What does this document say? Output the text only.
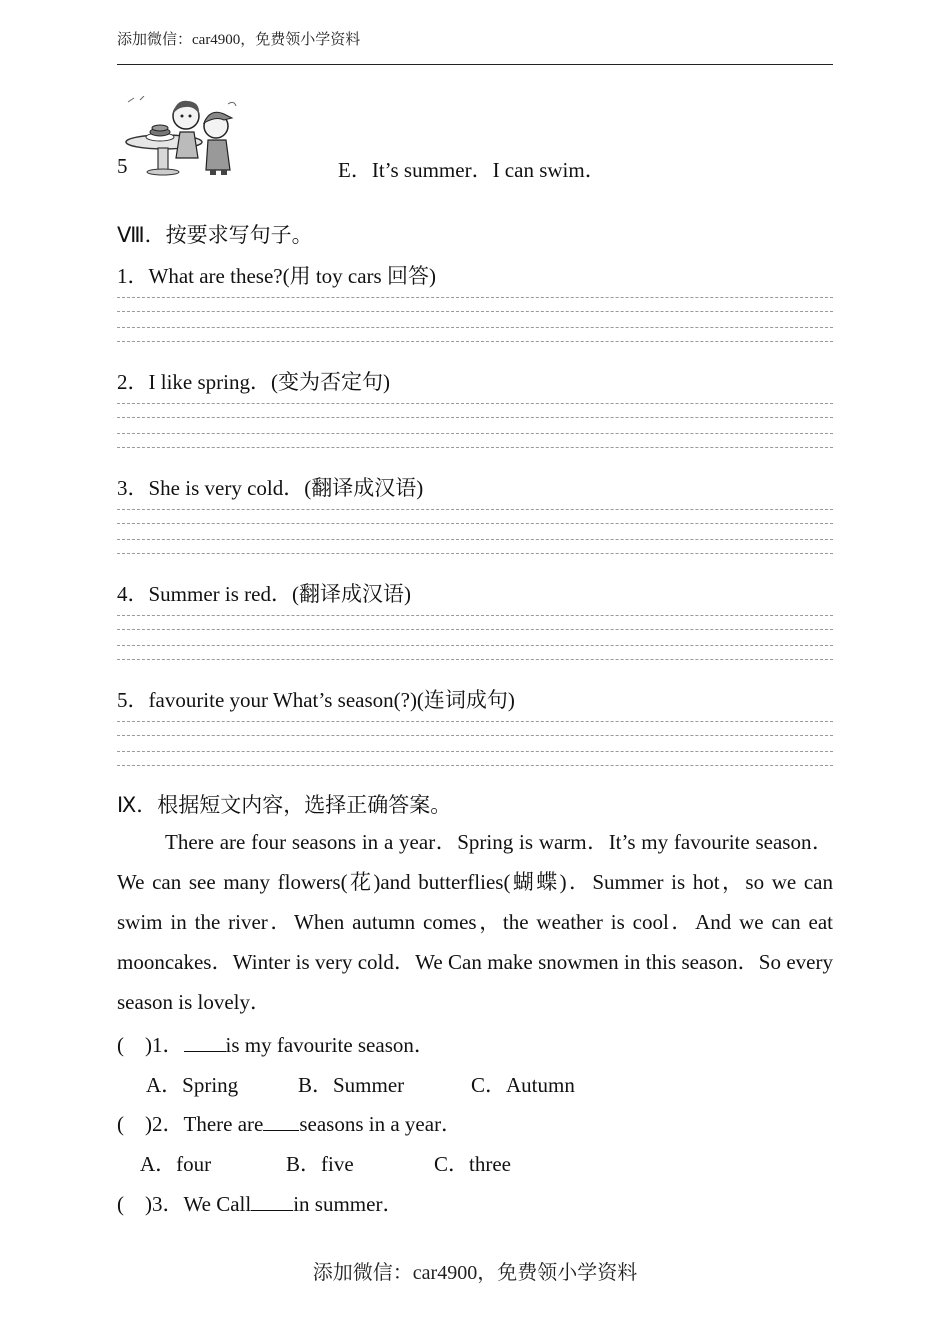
添加微信：car4900，免费领小学资料
5	E．It’s summer．I can swim．
Ⅷ．按要求写句子。
1．What are these?(用 toy cars 回答)
2．I like spring．(变为否定句)
3．She is very cold．(翻译成汉语)
4．Summer is red．(翻译成汉语)
5．favourite your What’s season(?)(连词成句)
Ⅸ．根据短文内容，选择正确答案。

There are four seasons in a year．Spring is warm．It’s my favourite season．We can see many flowers(花)and butterflies(蝴蝶)．Summer is hot，so we can swim in the river．When autumn comes，the weather is cool．And we can eat mooncakes．Winter is very cold．We Can make snowmen in this season．So every season is lovely．

(　)1． is my favourite season．
A．Spring	B．Summer	C．Autumn
(　)2．There are seasons in a year．
A．four	B．five	C．three
(　)3．We Call in summer．
添加微信：car4900，免费领小学资料
